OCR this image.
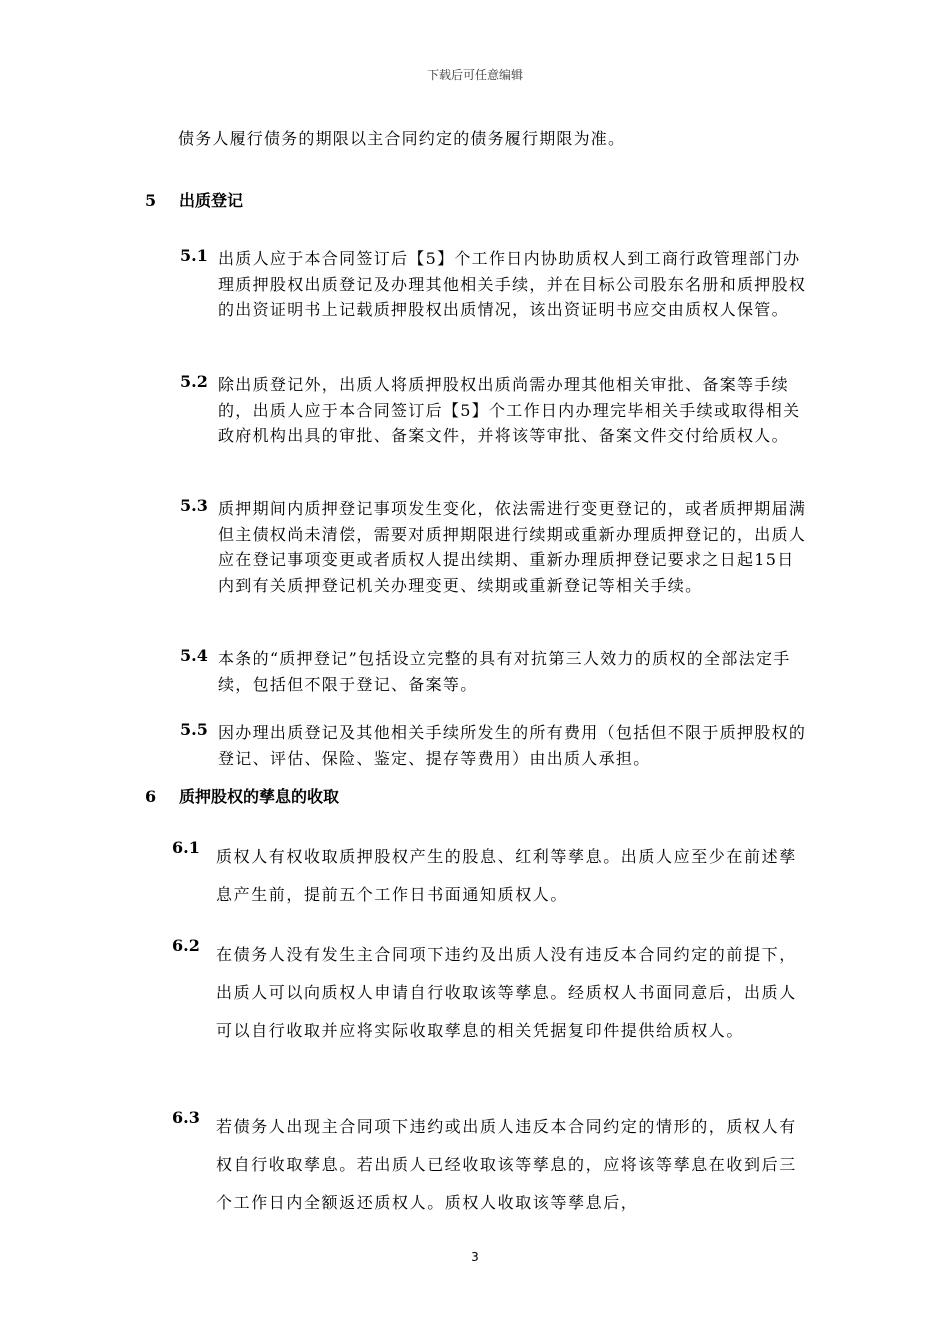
下载后可任意编辑
债务人履行债务的期限以主合同约定的债务履行期限为准。
5 出质登记
5.1 出质人应于本合同签订后【5】个工作日内协助质权人到工商行政管理部门办理质押股权出质登记及办理其他相关手续，并在目标公司股东名册和质押股权的出资证明书上记载质押股权出质情况，该出资证明书应交由质权人保管。
5.2 除出质登记外，出质人将质押股权出质尚需办理其他相关审批、备案等手续的，出质人应于本合同签订后【5】个工作日内办理完毕相关手续或取得相关政府机构出具的审批、备案文件，并将该等审批、备案文件交付给质权人。
5.3 质押期间内质押登记事项发生变化，依法需进行变更登记的，或者质押期届满但主债权尚未清偿，需要对质押期限进行续期或重新办理质押登记的，出质人应在登记事项变更或者质权人提出续期、重新办理质押登记要求之日起15日内到有关质押登记机关办理变更、续期或重新登记等相关手续。
5.4 本条的“质押登记”包括设立完整的具有对抗第三人效力的质权的全部法定手续，包括但不限于登记、备案等。
5.5 因办理出质登记及其他相关手续所发生的所有费用（包括但不限于质押股权的登记、评估、保险、鉴定、提存等费用）由出质人承担。
6 质押股权的孳息的收取
6.1 质权人有权收取质押股权产生的股息、红利等孳息。出质人应至少在前述孳息产生前，提前五个工作日书面通知质权人。
6.2 在债务人没有发生主合同项下违约及出质人没有违反本合同约定的前提下，出质人可以向质权人申请自行收取该等孳息。经质权人书面同意后，出质人可以自行收取并应将实际收取孳息的相关凭据复印件提供给质权人。
6.3 若债务人出现主合同项下违约或出质人违反本合同约定的情形的，质权人有权自行收取孳息。若出质人已经收取该等孳息的，应将该等孳息在收到后三个工作日内全额返还质权人。质权人收取该等孳息后，
3
